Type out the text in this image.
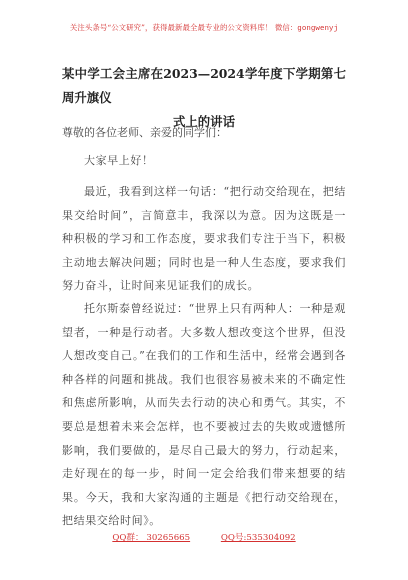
关注头条号“公文研究”，获得最新最全最专业的公文资料库！ 微信：gongwenyj
某中学工会主席在2023—2024学年度下学期第七周升旗仪
式上的讲话
尊敬的各位老师、亲爱的同学们：
大家早上好！
最近，我看到这样一句话：“把行动交给现在，把结果交给时间”，言简意丰，我深以为意。因为这既是一种积极的学习和工作态度，要求我们专注于当下，积极主动地去解决问题；同时也是一种人生态度，要求我们努力奋斗，让时间来见证我们的成长。
托尔斯泰曾经说过：“世界上只有两种人：一种是观望者，一种是行动者。大多数人想改变这个世界，但没人想改变自己。”在我们的工作和生活中，经常会遇到各种各样的问题和挑战。我们也很容易被未来的不确定性和焦虑所影响，从而失去行动的决心和勇气。其实，不要总是想着未来会怎样，也不要被过去的失败或遗憾所影响，我们要做的，是尽自己最大的努力，行动起来，走好现在的每一步，时间一定会给我们带来想要的结果。今天，我和大家沟通的主题是《把行动交给现在，把结果交给时间》。
QQ群： 30265665	QQ号:535304092
